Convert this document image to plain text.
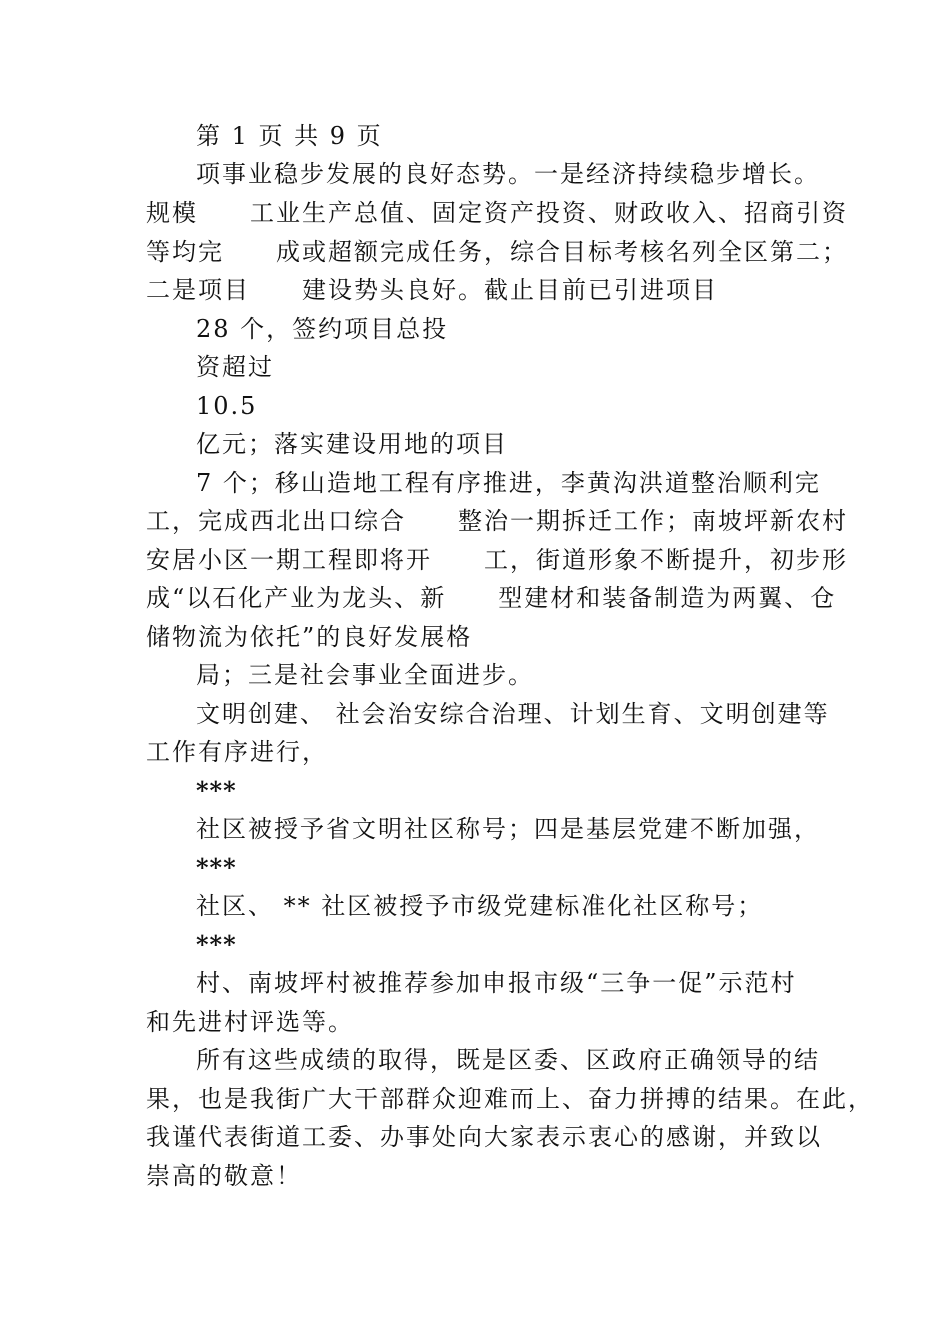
第 1 页 共 9 页
项事业稳步发展的良好态势。一是经济持续稳步增长。
规模　　工业生产总值、固定资产投资、财政收入、招商引资
等均完　　成或超额完成任务，综合目标考核名列全区第二；
二是项目　　建设势头良好。截止目前已引进项目
28 个，签约项目总投
资超过
10.5
亿元；落实建设用地的项目
7 个；移山造地工程有序推进，李黄沟洪道整治顺利完
工，完成西北出口综合　　整治一期拆迁工作；南坡坪新农村
安居小区一期工程即将开　　工，街道形象不断提升，初步形
成“以石化产业为龙头、新　　型建材和装备制造为两翼、仓
储物流为依托”的良好发展格
局；三是社会事业全面进步。
文明创建、 社会治安综合治理、计划生育、文明创建等
工作有序进行，
***
社区被授予省文明社区称号；四是基层党建不断加强，
***
社区、 ** 社区被授予市级党建标准化社区称号；
***
村、南坡坪村被推荐参加申报市级“三争一促”示范村
和先进村评选等。
所有这些成绩的取得，既是区委、区政府正确领导的结
果，也是我街广大干部群众迎难而上、奋力拼搏的结果。在此，
我谨代表街道工委、办事处向大家表示衷心的感谢，并致以
崇高的敬意！
